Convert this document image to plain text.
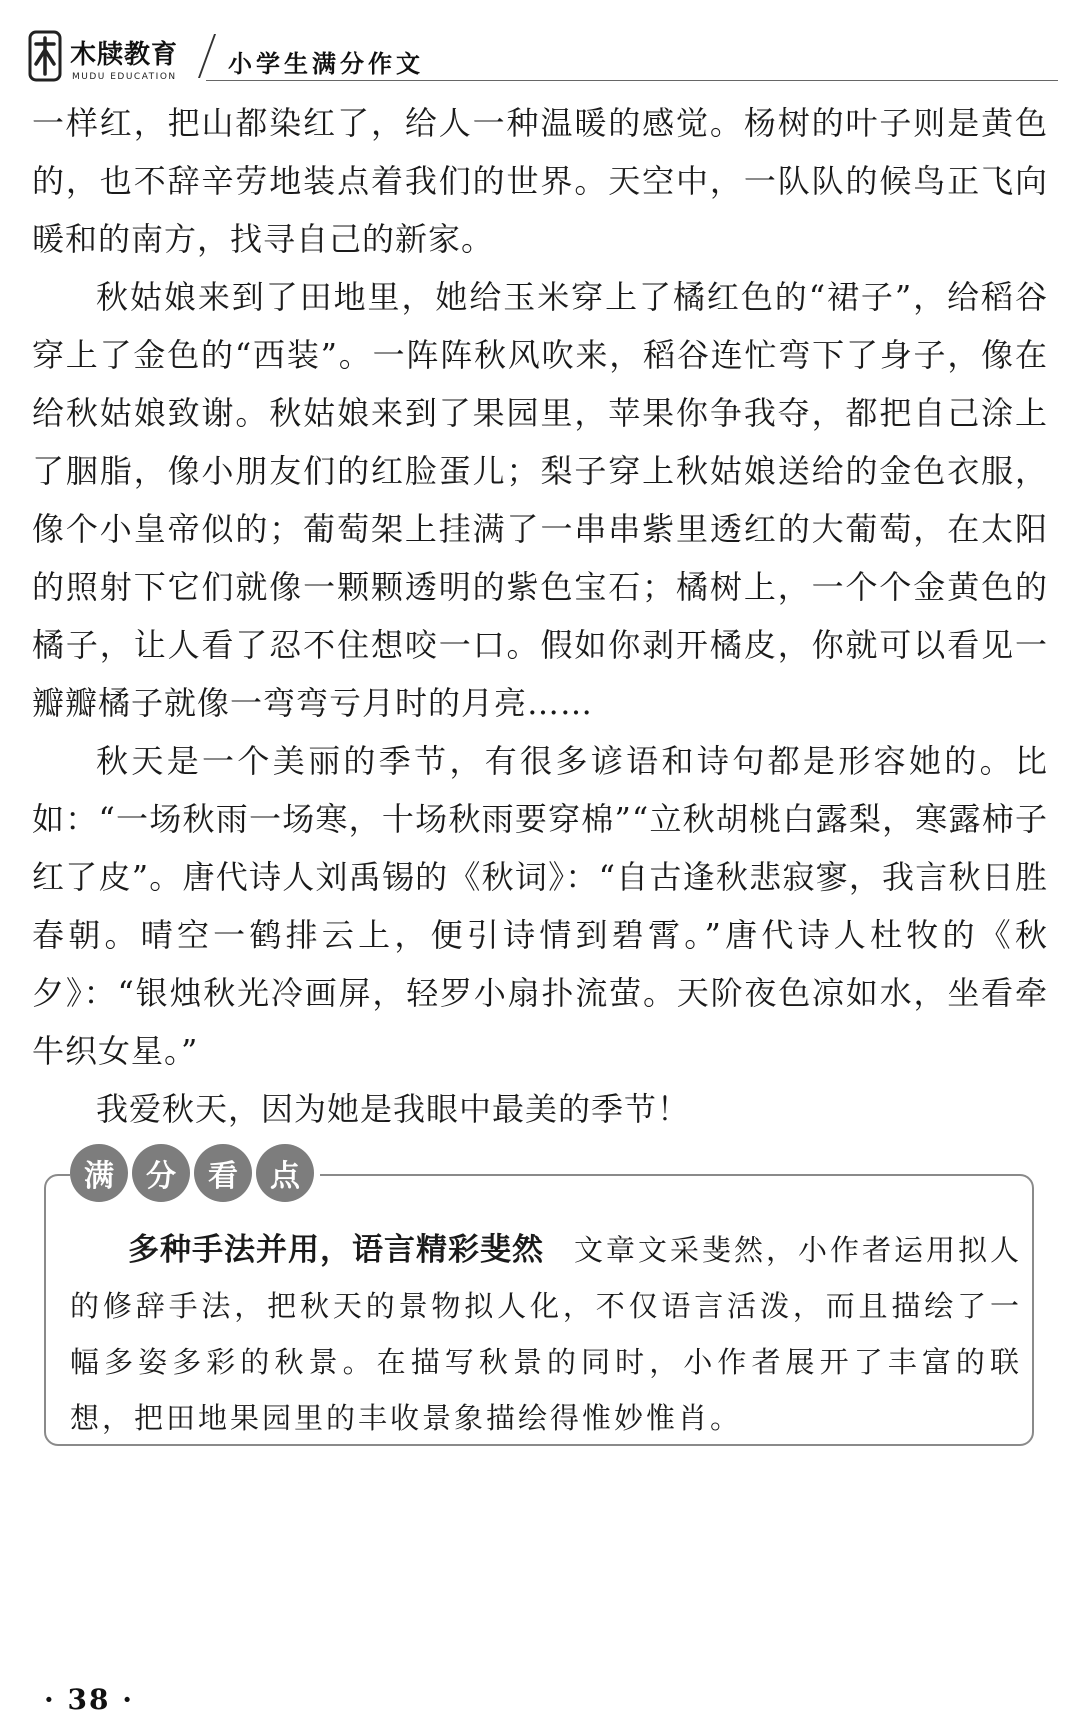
木牍教育
MUDU EDUCATION 小学生满分作文

一样红，把山都染红了，给人一种温暖的感觉。杨树的叶子则是黄色的，也不辞辛劳地装点着我们的世界。天空中，一队队的候鸟正飞向暖和的南方，找寻自己的新家。

秋姑娘来到了田地里，她给玉米穿上了橘红色的“裙子”，给稻谷穿上了金色的“西装”。一阵阵秋风吹来，稻谷连忙弯下了身子，像在给秋姑娘致谢。秋姑娘来到了果园里，苹果你争我夺，都把自己涂上了胭脂，像小朋友们的红脸蛋儿；梨子穿上秋姑娘送给的金色衣服，像个小皇帝似的；葡萄架上挂满了一串串紫里透红的大葡萄，在太阳的照射下它们就像一颗颗透明的紫色宝石；橘树上，一个个金黄色的橘子，让人看了忍不住想咬一口。假如你剥开橘皮，你就可以看见一瓣瓣橘子就像一弯弯亏月时的月亮……

秋天是一个美丽的季节，有很多谚语和诗句都是形容她的。比如：“一场秋雨一场寒，十场秋雨要穿棉”“立秋胡桃白露梨，寒露柿子红了皮”。唐代诗人刘禹锡的《秋词》：“自古逢秋悲寂寥，我言秋日胜春朝。晴空一鹤排云上，便引诗情到碧霄。”唐代诗人杜牧的《秋夕》：“银烛秋光冷画屏，轻罗小扇扑流萤。天阶夜色凉如水，坐看牵牛织女星。”

我爱秋天，因为她是我眼中最美的季节！

满	分	看	点

多种手法并用，语言精彩斐然 文章文采斐然，小作者运用拟人的修辞手法，把秋天的景物拟人化，不仅语言活泼，而且描绘了一幅多姿多彩的秋景。在描写秋景的同时，小作者展开了丰富的联想，把田地果园里的丰收景象描绘得惟妙惟肖。

· 38 ·
